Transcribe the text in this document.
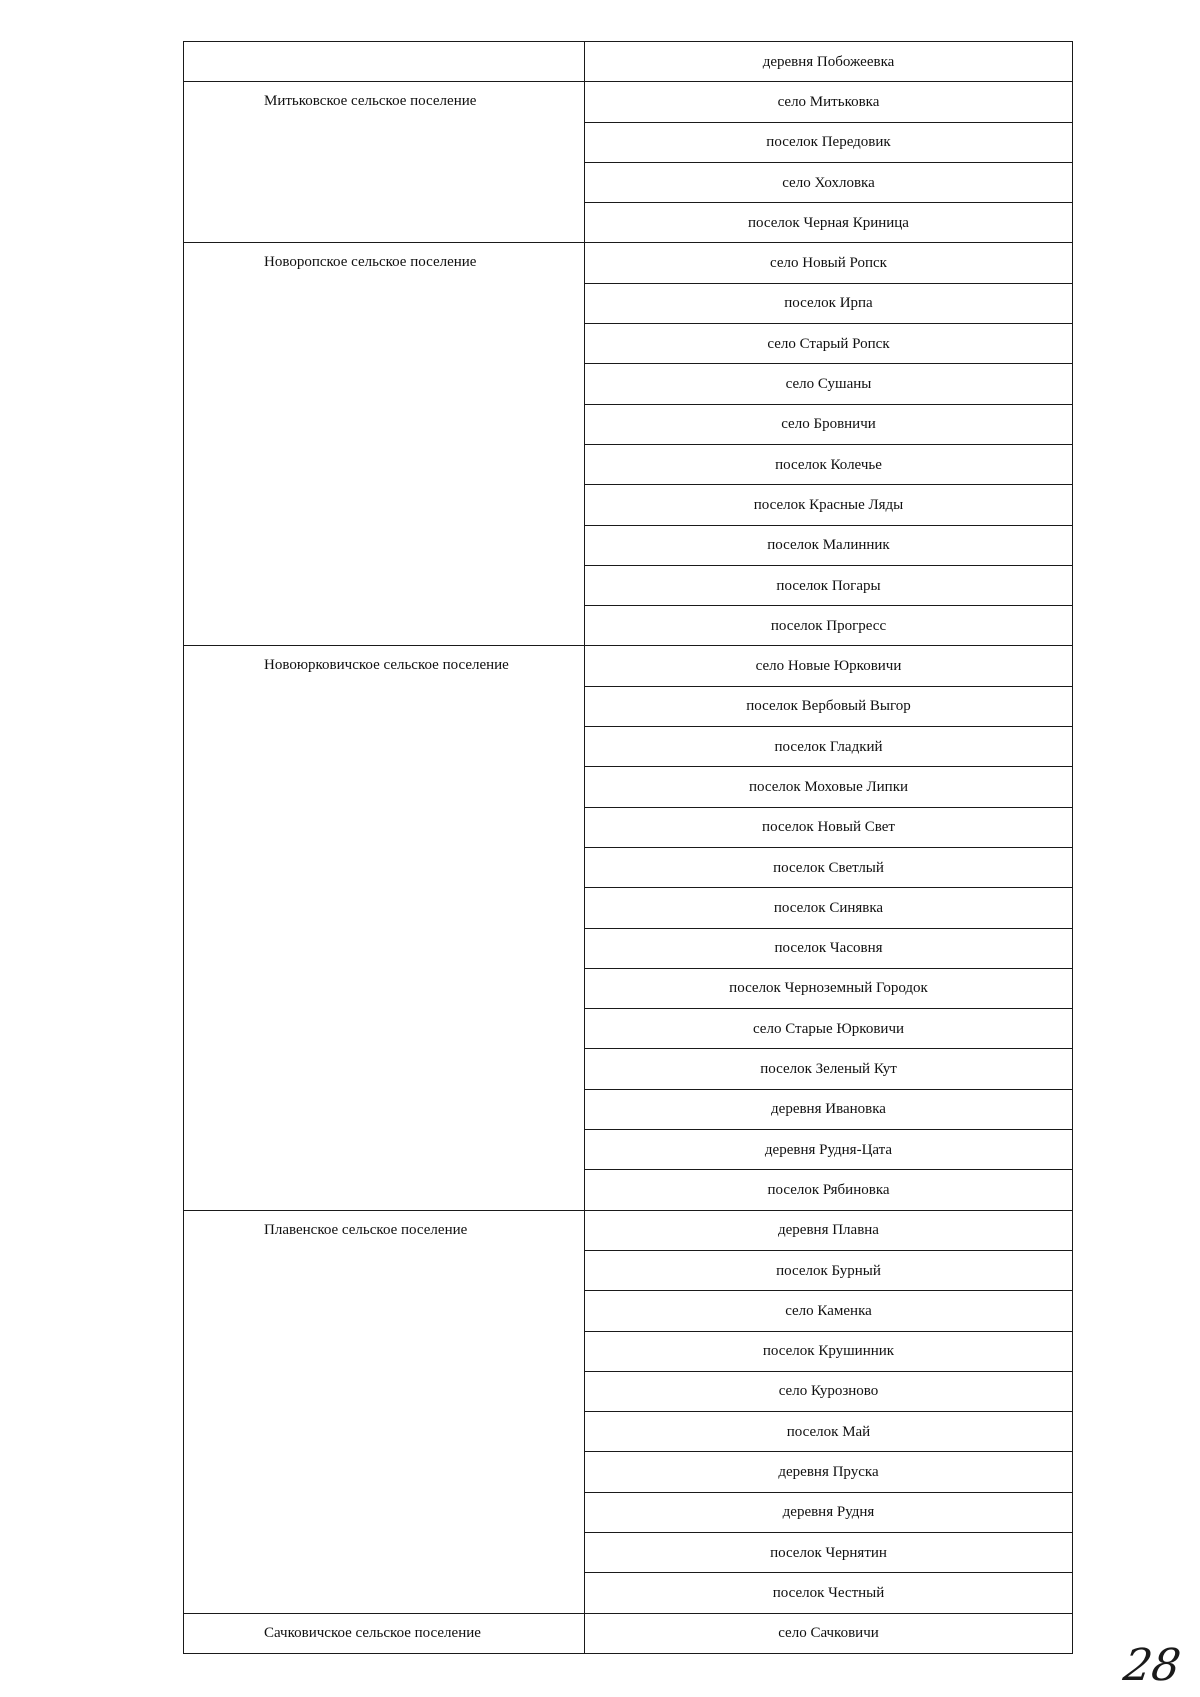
	деревня Побожеевка
Митьковское сельское поселение	село Митьковка
	поселок Передовик
	село Хохловка
	поселок Черная Криница
Новоропское сельское поселение	село Новый Ропск
	поселок Ирпа
	село Старый Ропск
	село Сушаны
	село Бровничи
	поселок Колечье
	поселок Красные Ляды
	поселок Малинник
	поселок Погары
	поселок Прогресс
Новоюрковичское сельское поселение	село Новые Юрковичи
	поселок Вербовый Выгор
	поселок Гладкий
	поселок Моховые Липки
	поселок Новый Свет
	поселок Светлый
	поселок Синявка
	поселок Часовня
	поселок Черноземный Городок
	село Старые Юрковичи
	поселок Зеленый Кут
	деревня Ивановка
	деревня Рудня-Цата
	поселок Рябиновка
Плавенское сельское поселение	деревня Плавна
	поселок Бурный
	село Каменка
	поселок Крушинник
	село Курозново
	поселок Май
	деревня Пруска
	деревня Рудня
	поселок Чернятин
	поселок Честный
Сачковичское сельское поселение	село Сачковичи
28
